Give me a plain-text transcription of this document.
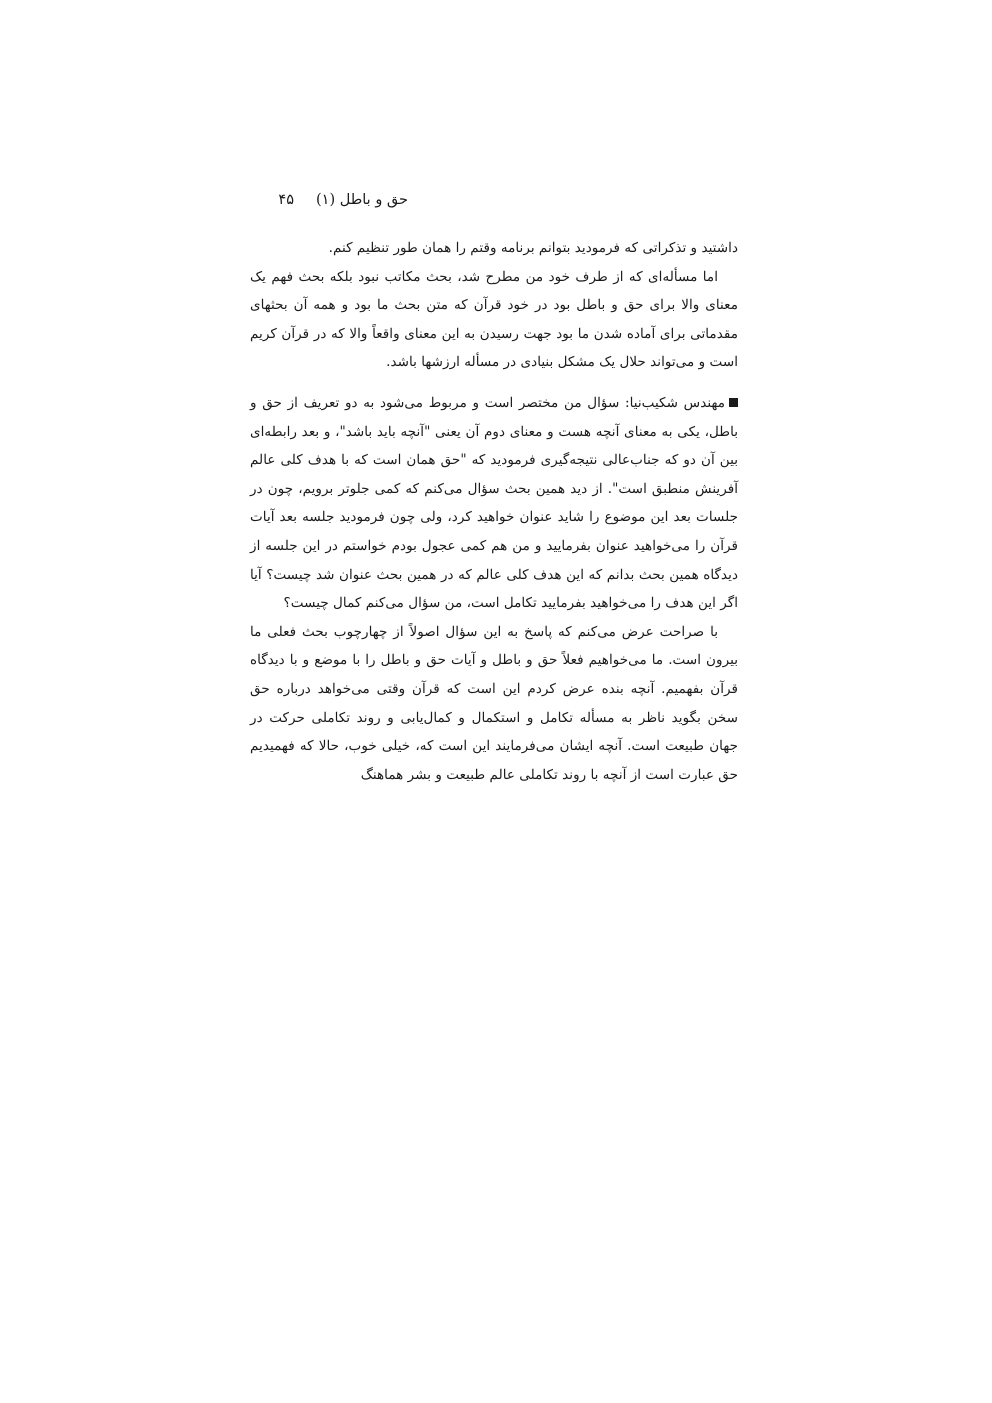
حق و باطل (۱)۴۵

داشتید و تذکراتی که فرمودید بتوانم برنامه وقتم را همان طور تنظیم کنم.

اما مسأله‌ای که از طرف خود من مطرح شد، بحث مکاتب نبود بلکه بحث فهم یک معنای والا برای حق و باطل بود در خود قرآن که متن بحث ما بود و همه آن بحثهای مقدماتی برای آماده شدن ما بود جهت رسیدن به این معنای واقعاً والا که در قرآن کریم است و می‌تواند حلال یک مشکل بنیادی در مسأله ارزشها باشد.

مهندس شکیب‌نیا: سؤال من مختصر است و مربوط می‌شود به دو تعریف از حق و باطل، یکی به معنای آنچه هست و معنای دوم آن یعنی "آنچه باید باشد"، و بعد رابطه‌ای بین آن دو که جناب‌عالی نتیجه‌گیری فرمودید که "حق همان است که با هدف کلی عالم آفرینش منطبق است". از دید همین بحث سؤال می‌کنم که کمی جلوتر برویم، چون در جلسات بعد این موضوع را شاید عنوان خواهید کرد، ولی چون فرمودید جلسه بعد آیات قرآن را می‌خواهید عنوان بفرمایید و من هم کمی عجول بودم خواستم در این جلسه از دیدگاه همین بحث بدانم که این هدف کلی عالم که در همین بحث عنوان شد چیست؟ آیا اگر این هدف را می‌خواهید بفرمایید تکامل است، من سؤال می‌کنم کمال چیست؟

با صراحت عرض می‌کنم که پاسخ به این سؤال اصولاً از چهارچوب بحث فعلی ما بیرون است. ما می‌خواهیم فعلاً حق و باطل و آیات حق و باطل را با موضع و با دیدگاه قرآن بفهمیم. آنچه بنده عرض کردم این است که قرآن وقتی می‌خواهد درباره حق سخن بگوید ناظر به مسأله تکامل و استکمال و کمال‌یابی و روند تکاملی حرکت در جهان طبیعت است. آنچه ایشان می‌فرمایند این است که، خیلی خوب، حالا که فهمیدیم حق عبارت است از آنچه با روند تکاملی عالم طبیعت و بشر هماهنگ
